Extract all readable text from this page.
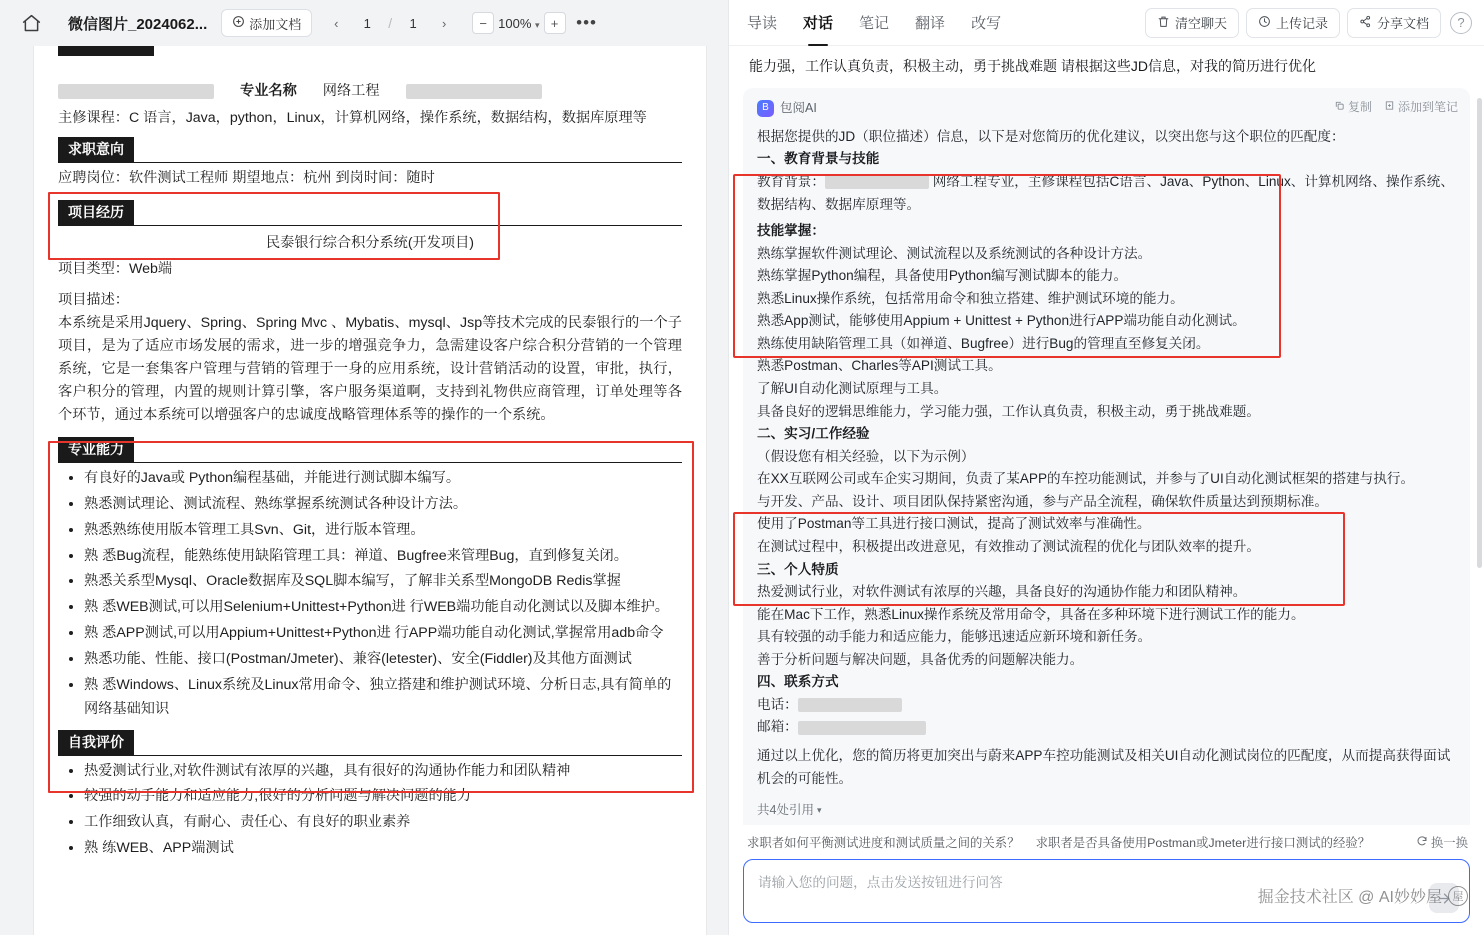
微信图片_2024062...	添加文档	‹	1	/	1	›	− 100% ▾ +	•••
专业名称 网络工程
主修课程：C 语言，Java，python，Linux，计算机网络，操作系统，数据结构，数据库原理等
求职意向
应聘岗位：软件测试工程师 期望地点：杭州 到岗时间：随时
项目经历
民泰银行综合积分系统(开发项目)
项目类型：Web端
项目描述：
本系统是采用Jquery、Spring、Spring Mvc 、Mybatis、mysql、Jsp等技术完成的民泰银行的一个子项目，是为了适应市场发展的需求，进一步的增强竞争力，急需建设客户综合积分营销的一个管理系统，它是一套集客户管理与营销的管理于一身的应用系统，设计营销活动的设置，审批，执行，客户积分的管理，内置的规则计算引擎，客户服务渠道啊，支持到礼物供应商管理，订单处理等各个环节，通过本系统可以增强客户的忠诚度战略管理体系等的操作的一个系统。
专业能力
• 有良好的Java或 Python编程基础，并能进行测试脚本编写。
• 熟悉测试理论、测试流程、熟练掌握系统测试各种设计方法。
• 熟悉熟练使用版本管理工具Svn、Git，进行版本管理。
• 熟 悉Bug流程，能熟练使用缺陷管理工具：禅道、Bugfree来管理Bug，直到修复关闭。
• 熟悉关系型Mysql、Oracle数据库及SQL脚本编写，了解非关系型MongoDB Redis掌握
• 熟 悉WEB测试,可以用Selenium+Unittest+Python进 行WEB端功能自动化测试以及脚本维护。
• 熟 悉APP测试,可以用Appium+Unittest+Python进 行APP端功能自动化测试,掌握常用adb命令
• 熟悉功能、性能、接口(Postman/Jmeter)、兼容(letester)、安全(Fiddler)及其他方面测试
• 熟 悉Windows、Linux系统及Linux常用命令、独立搭建和维护测试环境、分析日志,具有简单的网络基础知识
自我评价
• 热爱测试行业,对软件测试有浓厚的兴趣，具有很好的沟通协作能力和团队精神
• 较强的动手能力和适应能力,很好的分析问题与解决问题的能力
• 工作细致认真，有耐心、责任心、有良好的职业素养
• 熟 练WEB、APP端测试
导读	对话	笔记	翻译	改写	清空聊天	上传记录	分享文档	?
能力强，工作认真负责，积极主动，勇于挑战难题 请根据这些JD信息，对我的简历进行优化
复制 添加到笔记
B 包阅AI

根据您提供的JD（职位描述）信息，以下是对您简历的优化建议，以突出您与这个职位的匹配度：

一、教育背景与技能

教育背景：	网络工程专业，主修课程包括C语言、Java、Python、Linux、计算机网络、操作系统、数据结构、数据库原理等。

技能掌握：

熟练掌握软件测试理论、测试流程以及系统测试的各种设计方法。

熟练掌握Python编程，具备使用Python编写测试脚本的能力。

熟悉Linux操作系统，包括常用命令和独立搭建、维护测试环境的能力。

熟悉App测试，能够使用Appium + Unittest + Python进行APP端功能自动化测试。

熟练使用缺陷管理工具（如禅道、Bugfree）进行Bug的管理直至修复关闭。

熟悉Postman、Charles等API测试工具。

了解UI自动化测试原理与工具。

具备良好的逻辑思维能力，学习能力强，工作认真负责，积极主动，勇于挑战难题。

二、实习/工作经验

（假设您有相关经验，以下为示例）

在XX互联网公司或车企实习期间，负责了某APP的车控功能测试，并参与了UI自动化测试框架的搭建与执行。

与开发、产品、设计、项目团队保持紧密沟通，参与产品全流程，确保软件质量达到预期标准。

使用了Postman等工具进行接口测试，提高了测试效率与准确性。

在测试过程中，积极提出改进意见，有效推动了测试流程的优化与团队效率的提升。

三、个人特质

热爱测试行业，对软件测试有浓厚的兴趣，具备良好的沟通协作能力和团队精神。

能在Mac下工作，熟悉Linux操作系统及常用命令，具备在多种环境下进行测试工作的能力。

具有较强的动手能力和适应能力，能够迅速适应新环境和新任务。

善于分析问题与解决问题，具备优秀的问题解决能力。

四、联系方式

电话：

邮箱：

通过以上优化，您的简历将更加突出与蔚来APP车控功能测试及相关UI自动化测试岗位的匹配度，从而提高获得面试机会的可能性。

共4处引用 ▾
求职者如何平衡测试进度和测试质量之间的关系？ 求职者是否具备使用Postman或Jmeter进行接口测试的经验？	换一换
请输入您的问题，点击发送按钮进行问答
掘金技术社区 @ AI妙妙屋 屋
